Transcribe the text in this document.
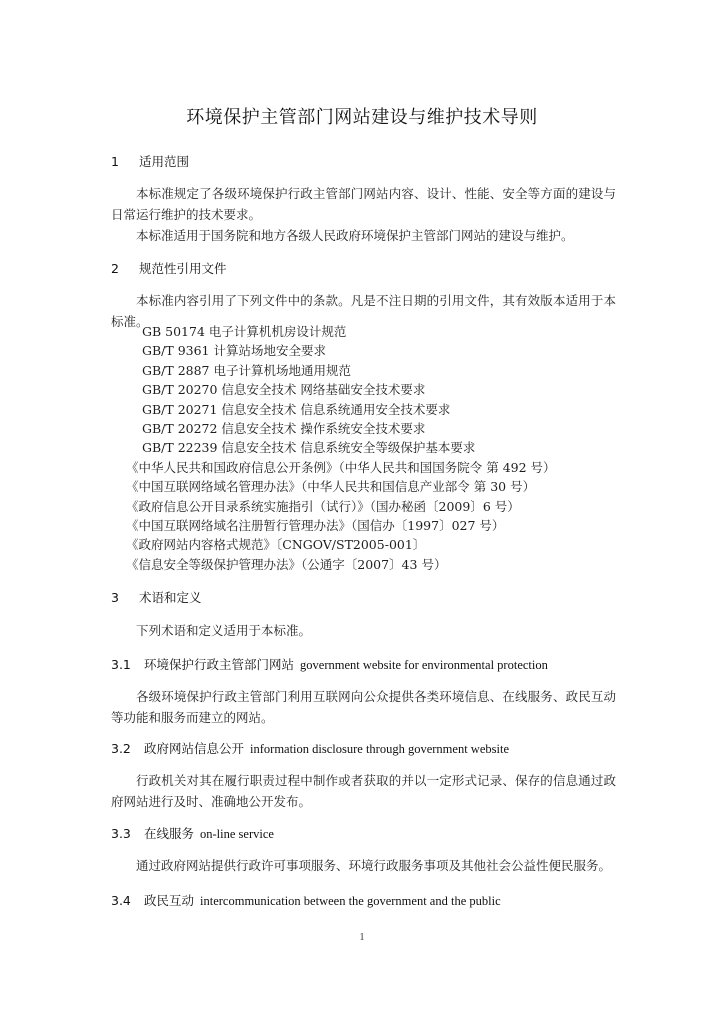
环境保护主管部门网站建设与维护技术导则
1 适用范围
本标准规定了各级环境保护行政主管部门网站内容、设计、性能、安全等方面的建设与日常运行维护的技术要求。
本标准适用于国务院和地方各级人民政府环境保护主管部门网站的建设与维护。
2 规范性引用文件
本标准内容引用了下列文件中的条款。凡是不注日期的引用文件，其有效版本适用于本标准。
GB 50174 电子计算机机房设计规范
GB/T 9361 计算站场地安全要求
GB/T 2887 电子计算机场地通用规范
GB/T 20270 信息安全技术 网络基础安全技术要求
GB/T 20271 信息安全技术 信息系统通用安全技术要求
GB/T 20272 信息安全技术 操作系统安全技术要求
GB/T 22239 信息安全技术 信息系统安全等级保护基本要求
《中华人民共和国政府信息公开条例》（中华人民共和国国务院令 第 492 号）
《中国互联网络域名管理办法》（中华人民共和国信息产业部令 第 30 号）
《政府信息公开目录系统实施指引（试行）》（国办秘函〔2009〕6 号）
《中国互联网络域名注册暂行管理办法》（国信办〔1997〕027 号）
《政府网站内容格式规范》〔CNGOV/ST2005-001〕
《信息安全等级保护管理办法》（公通字〔2007〕43 号）
3 术语和定义
下列术语和定义适用于本标准。
3.1 环境保护行政主管部门网站 government website for environmental protection
各级环境保护行政主管部门利用互联网向公众提供各类环境信息、在线服务、政民互动等功能和服务而建立的网站。
3.2 政府网站信息公开 information disclosure through government website
行政机关对其在履行职责过程中制作或者获取的并以一定形式记录、保存的信息通过政府网站进行及时、准确地公开发布。
3.3 在线服务 on-line service
通过政府网站提供行政许可事项服务、环境行政服务事项及其他社会公益性便民服务。
3.4 政民互动 intercommunication between the government and the public
1
